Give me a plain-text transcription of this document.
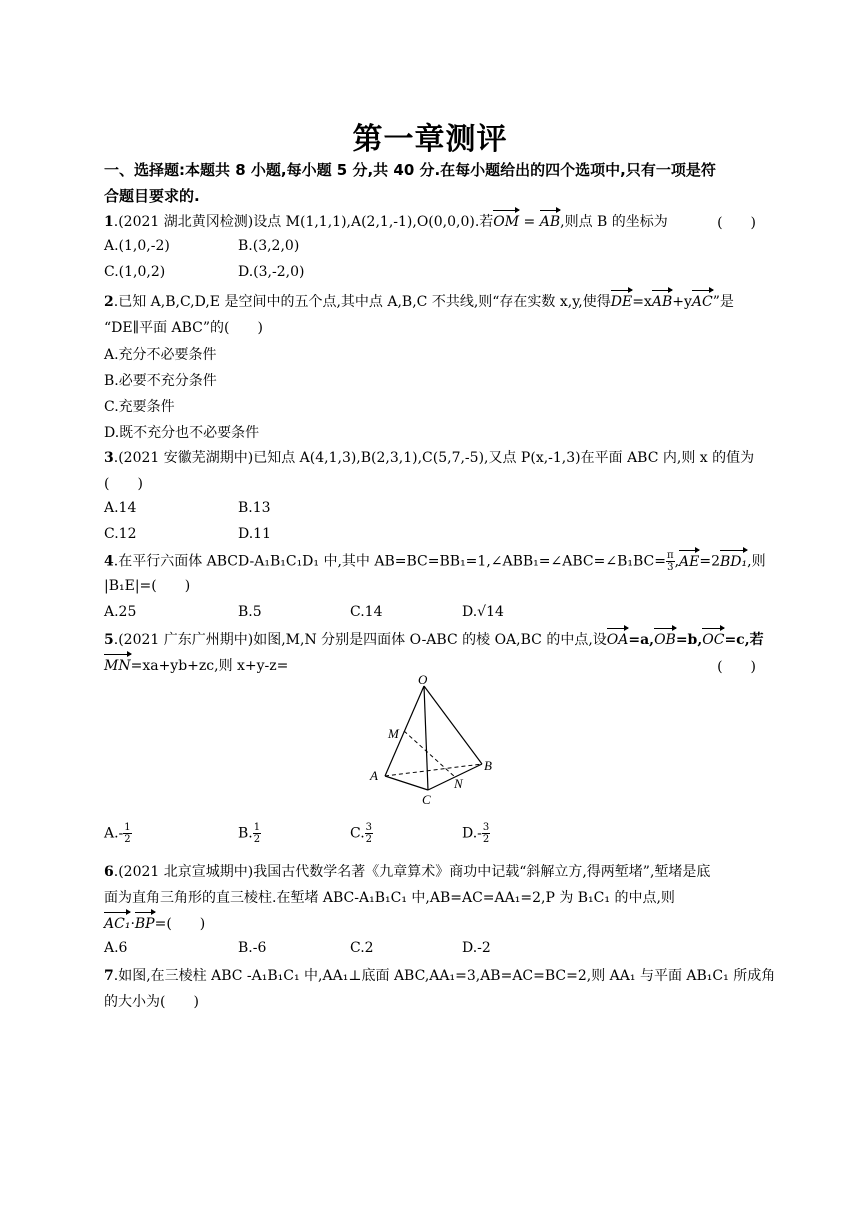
第一章测评
一、选择题:本题共 8 小题,每小题 5 分,共 40 分.在每小题给出的四个选项中,只有一项是符
合题目要求的.
1.(2021 湖北黄冈检测)设点 M(1,1,1),A(2,1,-1),O(0,0,0).若OM = AB,则点 B 的坐标为	(　　)
A.(1,0,-2)	B.(3,2,0)
C.(1,0,2)	D.(3,-2,0)
2.已知 A,B,C,D,E 是空间中的五个点,其中点 A,B,C 不共线,则“存在实数 x,y,使得DE=xAB+yAC”是
“DE∥平面 ABC”的(　　)
A.充分不必要条件
B.必要不充分条件
C.充要条件
D.既不充分也不必要条件
3.(2021 安徽芜湖期中)已知点 A(4,1,3),B(2,3,1),C(5,7,-5),又点 P(x,-1,3)在平面 ABC 内,则 x 的值为
(　　)
A.14	B.13
C.12	D.11
4.在平行六面体 ABCD-A₁B₁C₁D₁ 中,其中 AB=BC=BB₁=1,∠ABB₁=∠ABC=∠B₁BC= $\frac{\pi}{3} ,AE=2BD_1$,则
|B₁E|=(　　)
A.25	B.5	C.14	D.√14
5.(2021 广东广州期中)如图,M,N 分别是四面体 O-ABC 的棱 OA,BC 的中点,设OA=a,OB=b,OC=c,若
MN=xa+yb+zc,则 x+y-z=	(　　)
O
M
A
B
C
N
$A.- \frac{1}{2}$	B. $\frac{1}{2}$	C. $\frac{3}{2}$	$D.- \frac{3}{2}$
6.(2021 北京宣城期中)我国古代数学名著《九章算术》商功中记载“斜解立方,得两堑堵”,堑堵是底
面为直角三角形的直三棱柱.在堑堵 ABC-A₁B₁C₁ 中,AB=AC=AA₁=2,P 为 B₁C₁ 的中点,则
AC₁·BP=(　　)
A.6	B.-6	C.2	D.-2
7.如图,在三棱柱 ABC -A₁B₁C₁ 中,AA₁⊥底面 ABC,AA₁=3,AB=AC=BC=2,则 AA₁ 与平面 AB₁C₁ 所成角
的大小为(　　)
